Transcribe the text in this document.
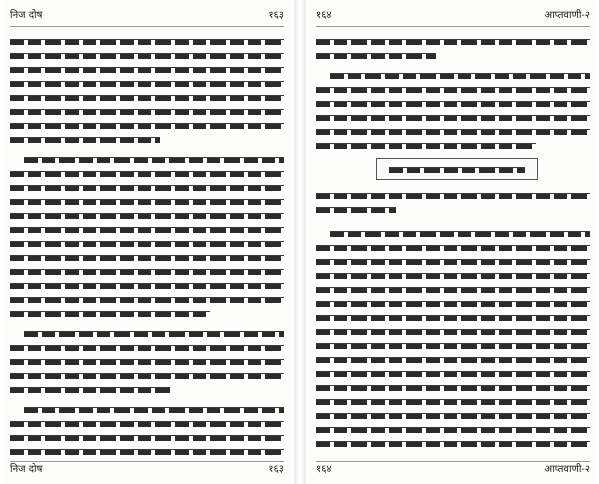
निज दोष	१६३
निज दोष	१६३
१६४	आप्तवाणी-२
१६४	आप्तवाणी-२
